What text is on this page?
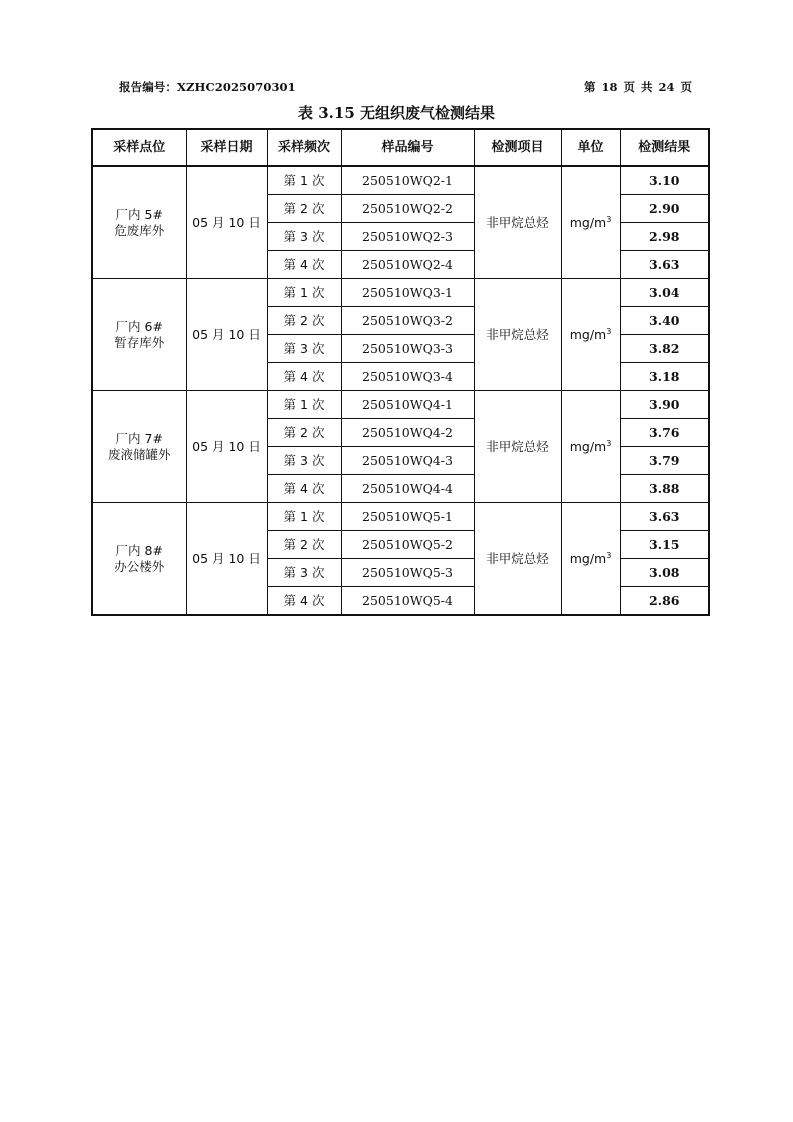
报告编号：XZHC2025070301	第 18 页 共 24 页
表 3.15 无组织废气检测结果
采样点位	采样日期	采样频次	样品编号	检测项目	单位	检测结果

厂内 5#
危废库外	05 月 10 日	第 1 次	250510WQ2-1	非甲烷总烃	$mg/m^3$	3.10
		第 2 次	250510WQ2-2			2.90
		第 3 次	250510WQ2-3			2.98
		第 4 次	250510WQ2-4			3.63

厂内 6#
暂存库外	05 月 10 日	第 1 次	250510WQ3-1	非甲烷总烃	$mg/m^3$	3.04
		第 2 次	250510WQ3-2			3.40
		第 3 次	250510WQ3-3			3.82
		第 4 次	250510WQ3-4			3.18

厂内 7#
废液储罐外	05 月 10 日	第 1 次	250510WQ4-1	非甲烷总烃	$mg/m^3$	3.90
		第 2 次	250510WQ4-2			3.76
		第 3 次	250510WQ4-3			3.79
		第 4 次	250510WQ4-4			3.88

厂内 8#
办公楼外	05 月 10 日	第 1 次	250510WQ5-1	非甲烷总烃	$mg/m^3$	3.63
		第 2 次	250510WQ5-2			3.15
		第 3 次	250510WQ5-3			3.08
		第 4 次	250510WQ5-4			2.86
